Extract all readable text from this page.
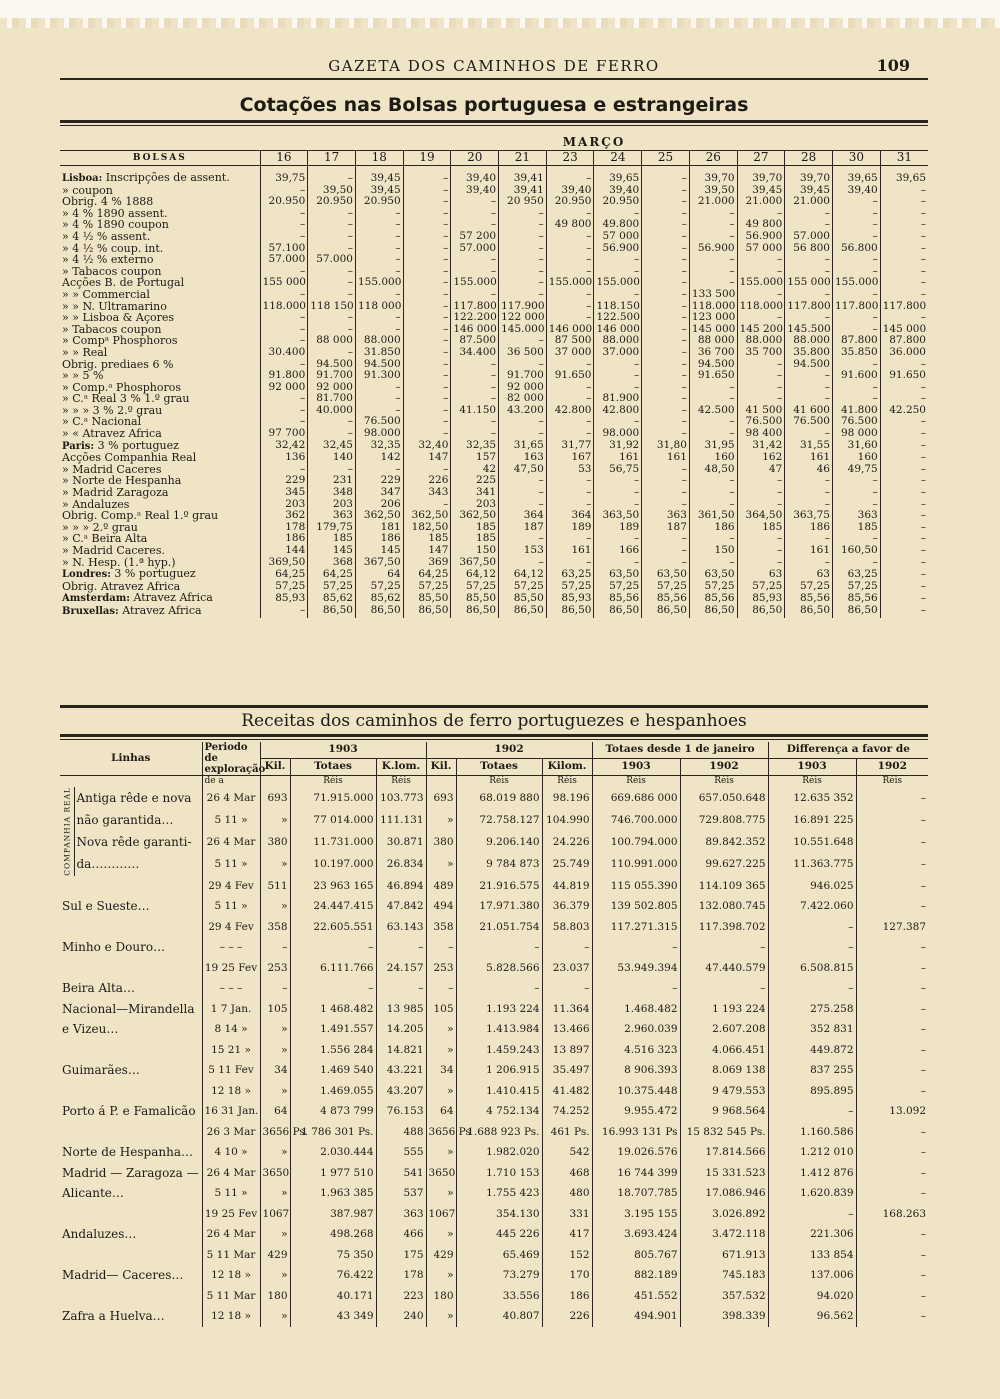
GAZETA DOS CAMINHOS DE FERRO	109
Cotações nas Bolsas portuguesa e estrangeiras
	MARÇO													
BOLSAS	16	17	18	19	20	21	23	24	25	26	27	28	30	31
Lisboa: Inscripções de assent.	39,75	–	39,45	–	39,40	39,41	–	39,65	–	39,70	39,70	39,70	39,65	39,65
» coupon	–	39,50	39,45	–	39,40	39,41	39,40	39,40	–	39,50	39,45	39,45	39,40	–
Obrig. 4 % 1888	20.950	20.950	20.950	–	–	20 950	20.950	20.950	–	21.000	21.000	21.000	–	–
» 4 % 1890 assent.	–	–	–	–	–	–	–	–	–	–	–	–	–	–
» 4 % 1890 coupon	–	–	–	–	–	–	49 800	49.800	–	–	49 800	–	–	–
» 4 ½ % assent.	–	–	–	–	57 200	–	–	57 000	–	–	56.900	57.000	–	–
» 4 ½ % coup. int.	57.100	–	–	–	57.000	–	–	56.900	–	56.900	57 000	56 800	56.800	–
» 4 ½ % externo	57.000	57.000	–	–	–	–	–	–	–	–	–	–	–	–
» Tabacos coupon	–	–	–	–	–	–	–	–	–	–	–	–	–	–
Acções B. de Portugal	155 000	–	155.000	–	155.000	–	155.000	155.000	–	–	155.000	155 000	155.000	–
» » Commercial	–	–	–	–	–	–	–	–	–	133 500	–	–	–	–
» » N. Ultramarino	118.000	118 150	118 000	–	117.800	117.900	–	118.150	–	118.000	118.000	117.800	117.800	117.800
» » Lisboa & Açores	–	–	–	–	122.200	122 000	–	122.500	–	123 000	–	–	–	–
» Tabacos coupon	–	–	–	–	146 000	145.000	146 000	146 000	–	145 000	145 200	145.500	–	145 000
» Compᵃ Phosphoros	–	88 000	88.000	–	87.500	–	87 500	88.000	–	88 000	88.000	88.000	87.800	87.800
» » Real	30.400	–	31.850	–	34.400	36 500	37 000	37.000	–	36 700	35 700	35.800	35.850	36.000
Obrig. prediaes 6 %	–	94.500	94.500	–	–	–	–	–	–	94.500	–	94.500	–	–
» » 5 %	91.800	91.700	91.300	–	–	91.700	91.650	–	–	91.650	–	–	91.600	91.650
» Comp.ᵃ Phosphoros	92 000	92 000	–	–	–	92 000	–	–	–	–	–	–	–	–
» C.ᵃ Real 3 % 1.º grau	–	81.700	–	–	–	82 000	–	81.900	–	–	–	–	–	–
» » » 3 % 2.º grau	–	40.000	–	–	41.150	43.200	42.800	42.800	–	42.500	41 500	41 600	41.800	42.250
» C.ᵃ Nacional	–	–	76.500	–	–	–	–	–	–	–	76.500	76.500	76.500	–
» « Atravez Africa	97 700	–	98.000	–	–	–	–	98.000	–	–	98 400	–	98 000	–
Paris: 3 % portuguez	32,42	32,45	32,35	32,40	32,35	31,65	31,77	31,92	31,80	31,95	31,42	31,55	31,60	–
Acções Companhia Real	136	140	142	147	157	163	167	161	161	160	162	161	160	–
» Madrid Caceres	–	–	–	–	42	47,50	53	56,75	–	48,50	47	46	49,75	–
» Norte de Hespanha	229	231	229	226	225	–	–	–	–	–	–	–	–	–
» Madrid Zaragoza	345	348	347	343	341	–	–	–	–	–	–	–	–	–
» Andaluzes	203	203	206	–	203	–	–	–	–	–	–	–	–	–
Obrig. Comp.ᵃ Real 1.º grau	362	363	362,50	362,50	362,50	364	364	363,50	363	361,50	364,50	363,75	363	–
» » » 2.º grau	178	179,75	181	182,50	185	187	189	189	187	186	185	186	185	–
» C.ᵃ Beira Alta	186	185	186	185	185	–	–	–	–	–	–	–	–	–
» Madrid Caceres.	144	145	145	147	150	153	161	166	–	150	–	161	160,50	–
» N. Hesp. (1.ª hyp.)	369,50	368	367,50	369	367,50	–	–	–	–	–	–	–	–	–
Londres: 3 % portuguez	64,25	64,25	64	64,25	64,12	64,12	63,25	63,50	63,50	63,50	63	63	63,25	–
Obrig. Atravez Africa	57,25	57,25	57,25	57,25	57,25	57,25	57,25	57,25	57,25	57,25	57,25	57,25	57,25	–
Amsterdam: Atravez Africa	85,93	85,62	85,62	85,50	85,50	85,50	85,93	85,56	85,56	85,56	85,93	85,56	85,56	–
Bruxellas: Atravez Africa	–	86,50	86,50	86,50	86,50	86,50	86,50	86,50	86,50	86,50	86,50	86,50	86,50	–
Receitas dos caminhos de ferro portuguezes e hespanhoes
Linhas		Periodo de exploração	1903			1902			Totaes desde 1 de janeiro		Differença a favor de	
			Kil.	Totaes	K.lom.	Kil.	Totaes	Kilom.	1903	1902	1903	1902
		de a		Réis	Réis		Réis	Réis	Réis	Réis	Réis	Réis
COMPANHIA REAL	Antiga rêde e nova	26 4 Mar	693	71.915.000	103.773	693	68.019 880	98.196	669.686 000	657.050.648	12.635 352	–
	não garantida…	5 11 »	»	77 014.000	111.131	»	72.758.127	104.990	746.700.000	729.808.775	16.891 225	–
	Nova rêde garanti-	26 4 Mar	380	11.731.000	30.871	380	9.206.140	24.226	100.794.000	89.842.352	10.551.648	–
	da…………	5 11 »	»	10.197.000	26.834	»	9 784 873	25.749	110.991.000	99.627.225	11.363.775	–
		29 4 Fev	511	23 963 165	46.894	489	21.916.575	44.819	115 055.390	114.109 365	946.025	–
Sul e Sueste…		5 11 »	»	24.447.415	47.842	494	17.971.380	36.379	139 502.805	132.080.745	7.422.060	–
		29 4 Fev	358	22.605.551	63.143	358	21.051.754	58.803	117.271.315	117.398.702	–	127.387
Minho e Douro…		– – –	–	–	–	–	–	–	–	–	–	–
		19 25 Fev	253	6.111.766	24.157	253	5.828.566	23.037	53.949.394	47.440.579	6.508.815	–
Beira Alta…		– – –	–	–	–	–	–	–	–	–	–	–
Nacional—Mirandella		1 7 Jan.	105	1 468.482	13 985	105	1.193 224	11.364	1.468.482	1 193 224	275.258	–
e Vizeu…		8 14 »	»	1.491.557	14.205	»	1.413.984	13.466	2.960.039	2.607.208	352 831	–
		15 21 »	»	1.556 284	14.821	»	1.459.243	13 897	4.516 323	4.066.451	449.872	–
Guimarães…		5 11 Fev	34	1.469 540	43.221	34	1 206.915	35.497	8 906.393	8.069 138	837 255	–
		12 18 »	»	1.469.055	43.207	»	1.410.415	41.482	10.375.448	9 479.553	895.895	–
Porto á P. e Famalicão		16 31 Jan.	64	4 873 799	76.153	64	4 752.134	74.252	9.955.472	9 968.564	–	13.092
		26 3 Mar	3656 Ps.	1 786 301 Ps.	488	3656 Ps	1.688 923 Ps.	461 Ps.	16.993 131 Ps	15 832 545 Ps.	1.160.586	–
Norte de Hespanha…		4 10 »	»	2.030.444	555	»	1.982.020	542	19.026.576	17.814.566	1.212 010	–
Madrid — Zaragoza —		26 4 Mar	3650	1 977 510	541	3650	1.710 153	468	16 744 399	15 331.523	1.412 876	–
Alicante…		5 11 »	»	1.963 385	537	»	1.755 423	480	18.707.785	17.086.946	1.620.839	–
		19 25 Fev	1067	387.987	363	1067	354.130	331	3.195 155	3.026.892	–	168.263
Andaluzes…		26 4 Mar	»	498.268	466	»	445 226	417	3.693.424	3.472.118	221.306	–
		5 11 Mar	429	75 350	175	429	65.469	152	805.767	671.913	133 854	–
Madrid— Caceres…		12 18 »	»	76.422	178	»	73.279	170	882.189	745.183	137.006	–
		5 11 Mar	180	40.171	223	180	33.556	186	451.552	357.532	94.020	–
Zafra a Huelva…		12 18 »	»	43 349	240	»	40.807	226	494.901	398.339	96.562	–
